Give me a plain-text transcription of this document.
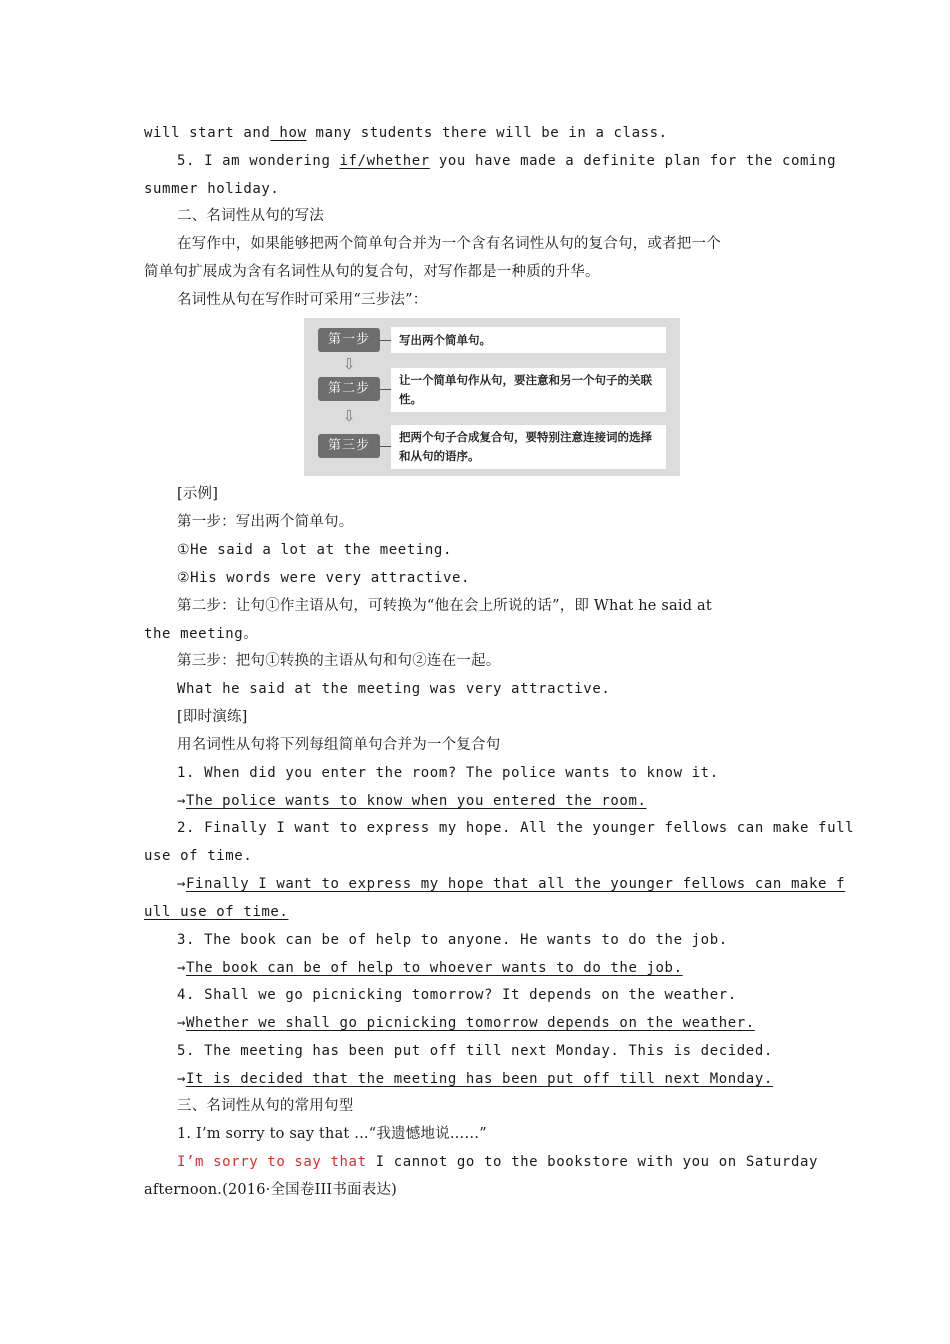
will start and how many students there will be in a class.
5. I am wondering if/whether you have made a definite plan for the coming
summer holiday.
二、名词性从句的写法
在写作中，如果能够把两个简单句合并为一个含有名词性从句的复合句，或者把一个
简单句扩展成为含有名词性从句的复合句，对写作都是一种质的升华。
名词性从句在写作时可采用“三步法”：
第一步	写出两个简单句。
⇩
第二步
让一个简单句作从句，要注意和另一个句子的关联性。
⇩
第三步
把两个句子合成复合句，要特别注意连接词的选择和从句的语序。
[示例]
第一步：写出两个简单句。
①He said a lot at the meeting.
②His words were very attractive.
第二步：让句①作主语从句，可转换为“他在会上所说的话”，即 What he said at
the meeting。
第三步：把句①转换的主语从句和句②连在一起。
What he said at the meeting was very attractive.
[即时演练]
用名词性从句将下列每组简单句合并为一个复合句
1. When did you enter the room? The police wants to know it.
→The police wants to know when you entered the room.
2. Finally I want to express my hope. All the younger fellows can make full
use of time.
→Finally I want to express my hope that all the younger fellows can make f
ull use of time.
3. The book can be of help to anyone. He wants to do the job.
→The book can be of help to whoever wants to do the job.
4. Shall we go picnicking tomorrow? It depends on the weather.
→Whether we shall go picnicking tomorrow depends on the weather.
5. The meeting has been put off till next Monday. This is decided.
→It is decided that the meeting has been put off till next Monday.
三、名词性从句的常用句型
1. I’m sorry to say that ...“我遗憾地说……”
I’m sorry to say that I cannot go to the bookstore with you on Saturday
afternoon.(2016·全国卷III书面表达)
